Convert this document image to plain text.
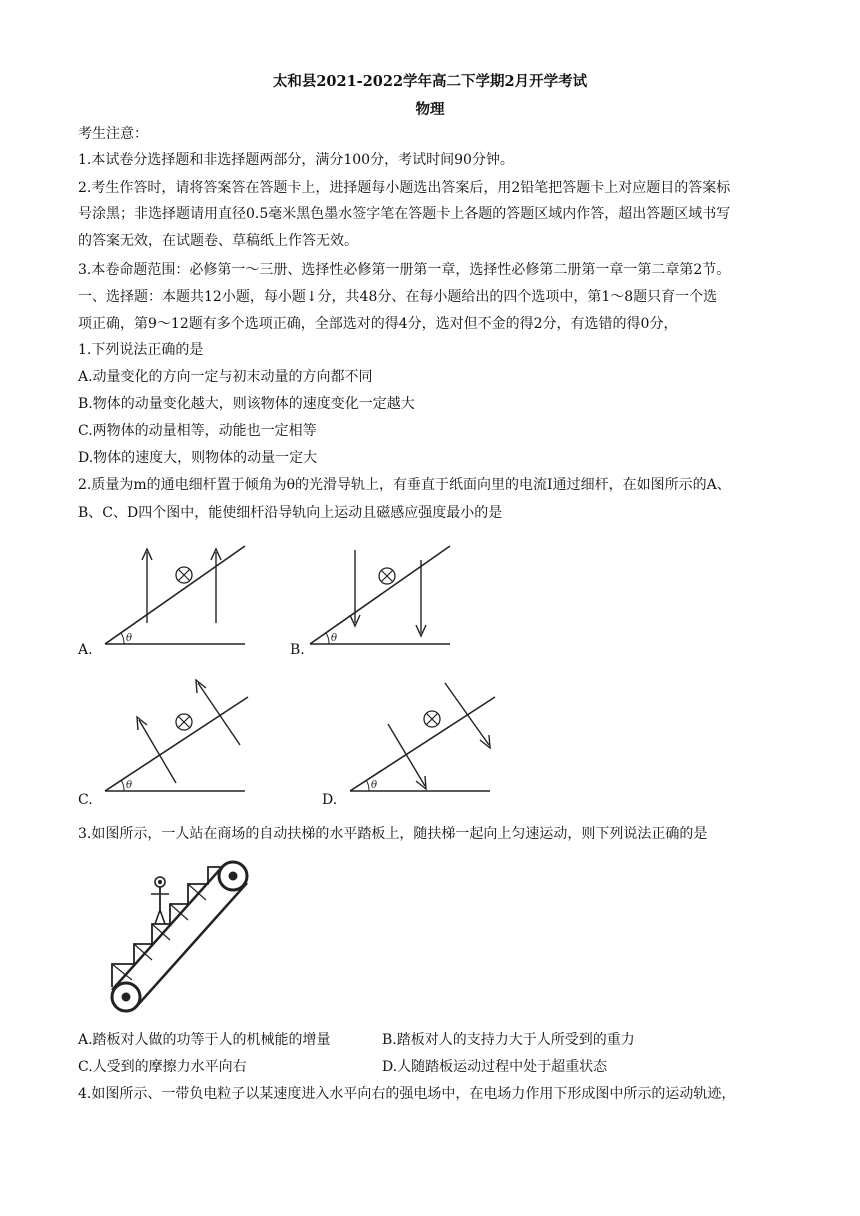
太和县2021-2022学年高二下学期2月开学考试
物理
考生注意：
1.本试卷分选择题和非选择题两部分，满分100分，考试时间90分钟。
2.考生作答时，请将答案答在答题卡上，进择题每小题选出答案后，用2铅笔把答题卡上对应题目的答案标
号涂黑；非选择题请用直径0.5毫米黑色墨水签字笔在答题卡上各题的答题区域内作答，超出答题区域书写
的答案无效，在试题卷、草稿纸上作答无效。
3.本卷命题范围：必修第一～三册、选择性必修第一册第一章，选择性必修第二册第一章一第二章第2节。
一、选择题：本题共12小题，每小题↓分，共48分、在每小题给出的四个选项中，第1～8题只育一个选
项正确，第9～12题有多个选项正确，全部选对的得4分，选对但不金的得2分，有选错的得0分，
1.下列说法正确的是
A.动量变化的方向一定与初末动量的方向都不同
B.物体的动量变化越大，则该物体的速度变化一定越大
C.两物体的动量相等，动能也一定相等
D.物体的速度大，则物体的动量一定大
2.质量为m的通电细杆置于倾角为θ的光滑导轨上，有垂直于纸面向里的电流I通过细杆，在如图所示的A、
B、C、D四个图中，能使细杆沿导轨向上运动且磁感应强度最小的是
A.
θ
B.
θ
C.
θ
D.
θ
3.如图所示，一人站在商场的自动扶梯的水平踏板上，随扶梯一起向上匀速运动，则下列说法正确的是
A.踏板对人做的功等于人的机械能的增量	B.踏板对人的支持力大于人所受到的重力
C.人受到的摩擦力水平向右	D.人随踏板运动过程中处于超重状态
4.如图所示、一带负电粒子以某速度进入水平向右的强电场中，在电场力作用下形成图中所示的运动轨迹，
